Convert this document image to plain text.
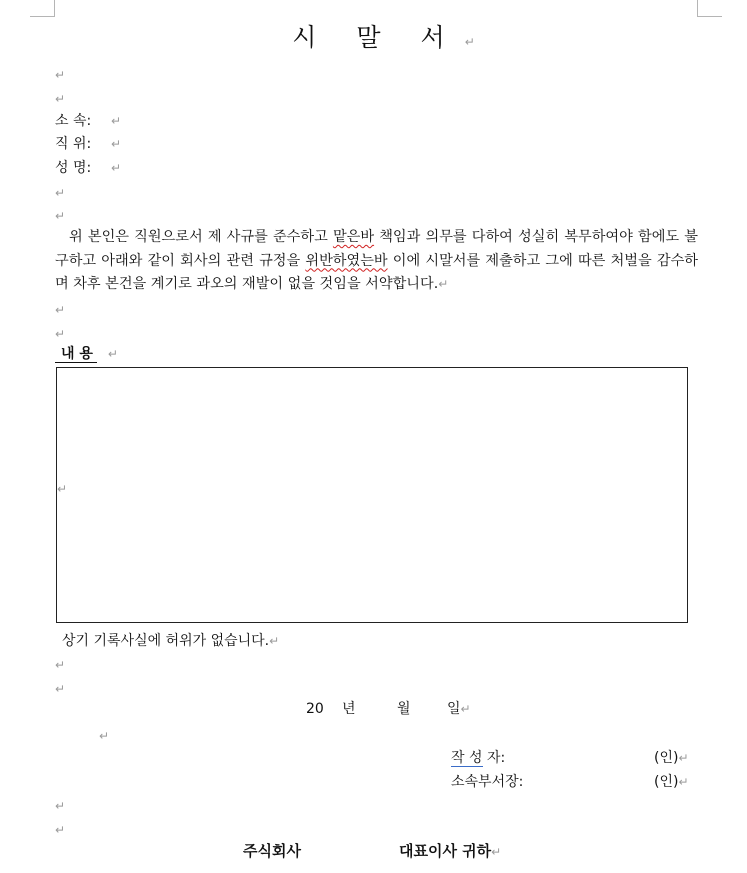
시 말 서 ↵
↵
↵
소 속: ↵
직 위: ↵
성 명: ↵
↵
↵
위 본인은 직원으로서 제 사규를 준수하고 맡은바 책임과 의무를 다하여 성실히 복무하여야 함에도 불구하고 아래와 같이 회사의 관련 규정을 위반하였는바 이에 시말서를 제출하고 그에 따른 처벌을 감수하며 차후 본건을 계기로 과오의 재발이 없을 것임을 서약합니다.↵
↵
↵
내 용 ↵
↵
상기 기록사실에 허위가 없습니다.↵
↵
↵
20 년	월	일↵
↵
작 성 자:	(인)↵
소속부서장:	(인)↵
↵
↵
주식회사	대표이사 귀하↵
